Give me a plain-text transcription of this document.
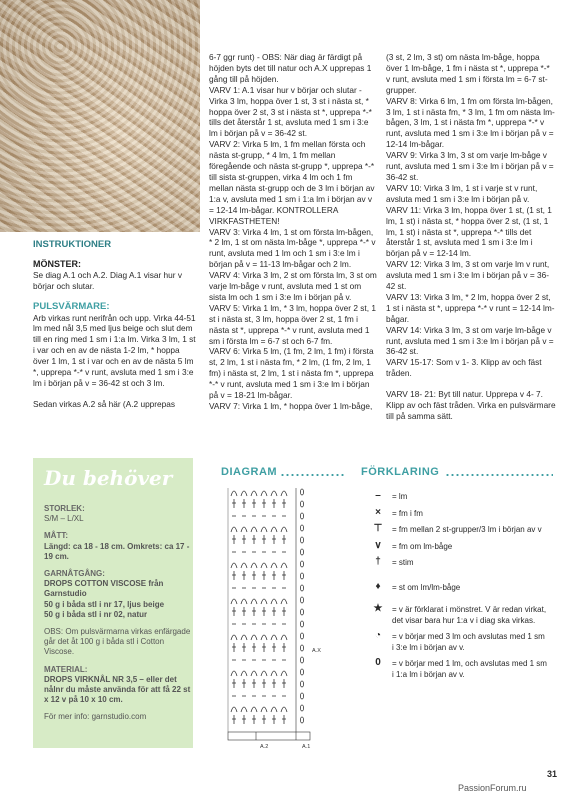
INSTRUKTIONER
MÖNSTER:

Se diag A.1 och A.2. Diag A.1 visar hur v börjar och slutar.

PULSVÄRMARE:

Arb virkas runt nerifrån och upp. Virka 44-51 lm med nål 3,5 med ljus beige och slut dem till en ring med 1 sm i 1:a lm. Virka 3 lm, 1 st i var och en av de nästa 1-2 lm, * hoppa över 1 lm, 1 st i var och en av de nästa 5 lm *, upprepa *-* v runt, avsluta med 1 sm i 3:e lm i början på v = 36-42 st och 3 lm.

Sedan virkas A.2 så här (A.2 upprepas

6-7 ggr runt) - OBS: När diag är färdigt på höjden byts det till natur och A.X upprepas 1 gång till på höjden.
VARV 1: A.1 visar hur v börjar och slutar - Virka 3 lm, hoppa över 1 st, 3 st i nästa st, * hoppa över 2 st, 3 st i nästa st *, upprepa *-* tills det återstår 1 st, avsluta med 1 sm i 3:e lm i början på v = 36-42 st.
VARV 2: Virka 5 lm, 1 fm mellan första och nästa st-grupp, * 4 lm, 1 fm mellan föregående och nästa st-grupp *, upprepa *-* till sista st-gruppen, virka 4 lm och 1 fm mellan nästa st-grupp och de 3 lm i början av 1:a v, avsluta med 1 sm i 1:a lm i början av v = 12-14 lm-bågar. KONTROLLERA VIRKFASTHETEN!
VARV 3: Virka 4 lm, 1 st om första lm-bågen, * 2 lm, 1 st om nästa lm-båge *, upprepa *-* v runt, avsluta med 1 lm och 1 sm i 3:e lm i början på v = 11-13 lm-bågar och 2 lm.
VARV 4: Virka 3 lm, 2 st om första lm, 3 st om varje lm-båge v runt, avsluta med 1 st om sista lm och 1 sm i 3:e lm i början på v.
VARV 5: Virka 1 lm, * 3 lm, hoppa över 2 st, 1 st i nästa st, 3 lm, hoppa över 2 st, 1 fm i nästa st *, upprepa *-* v runt, avsluta med 1 sm i första lm = 6-7 st och 6-7 fm.
VARV 6: Virka 5 lm, (1 fm, 2 lm, 1 fm) i första st, 2 lm, 1 st i nästa fm, * 2 lm, (1 fm, 2 lm, 1 fm) i nästa st, 2 lm, 1 st i nästa fm *, upprepa *-* v runt, avsluta med 1 sm i 3:e lm i början på v = 18-21 lm-bågar.
VARV 7: Virka 1 lm, * hoppa över 1 lm-båge,

(3 st, 2 lm, 3 st) om nästa lm-båge, hoppa över 1 lm-båge, 1 fm i nästa st *, upprepa *-* v runt, avsluta med 1 sm i första lm = 6-7 st-grupper.
VARV 8: Virka 6 lm, 1 fm om första lm-bågen, 3 lm, 1 st i nästa fm, * 3 lm, 1 fm om nästa lm-bågen, 3 lm, 1 st i nästa fm *, upprepa *-* v runt, avsluta med 1 sm i 3:e lm i början på v = 12-14 lm-bågar.
VARV 9: Virka 3 lm, 3 st om varje lm-båge v runt, avsluta med 1 sm i 3:e lm i början på v = 36-42 st.
VARV 10: Virka 3 lm, 1 st i varje st v runt, avsluta med 1 sm i 3:e lm i början på v.
VARV 11: Virka 3 lm, hoppa över 1 st, (1 st, 1 lm, 1 st) i nästa st, * hoppa över 2 st, (1 st, 1 lm, 1 st) i nästa st *, upprepa *-* tills det återstår 1 st, avsluta med 1 sm i 3:e lm i början på v = 12-14 lm.
VARV 12: Virka 3 lm, 3 st om varje lm v runt, avsluta med 1 sm i 3:e lm i början på v = 36-42 st.
VARV 13: Virka 3 lm, * 2 lm, hoppa över 2 st, 1 st i nästa st *, upprepa *-* v runt = 12-14 lm-bågar.
VARV 14: Virka 3 lm, 3 st om varje lm-båge v runt, avsluta med 1 sm i 3:e lm i början på v = 36-42 st.
VARV 15-17: Som v 1- 3. Klipp av och fäst tråden.

VARV 18- 21: Byt till natur. Upprepa v 4- 7. Klipp av och fäst tråden. Virka en pulsvärmare till på samma sätt.

Du behöver

STORLEK:

S/M – L/XL

MÅTT:

Längd: ca 18 - 18 cm. Omkrets: ca 17 - 19 cm.

GARNÅTGÅNG:

DROPS COTTON VISCOSE från Garnstudio
50 g i båda stl i nr 17, ljus beige
50 g i båda stl i nr 02, natur

OBS: Om pulsvärmarna virkas enfärgade går det åt 100 g i båda stl i Cotton Viscose.

MATERIAL:

DROPS VIRKNÅL NR 3,5 – eller det nålnr du måste använda för att få 22 st x 12 v på 10 x 10 cm.

För mer info: garnstudio.com

DIAGRAM	FÖRKLARING
A.X
A.2	A.1
–	= lm
×	= fm i fm
⊤	= fm mellan 2 st-grupper/3 lm i början av v
∨	= fm om lm-båge
†	= stim
♦	= st om lm/lm-båge
★	= v är förklarat i mönstret. V är redan virkat, det visar bara hur 1:a v i diag ska virkas.
◔	= v börjar med 3 lm och avslutas med 1 sm i 3:e lm i början av v.
0	= v börjar med 1 lm, och avslutas med 1 sm i 1:a lm i början av v.
31
PassionForum.ru
